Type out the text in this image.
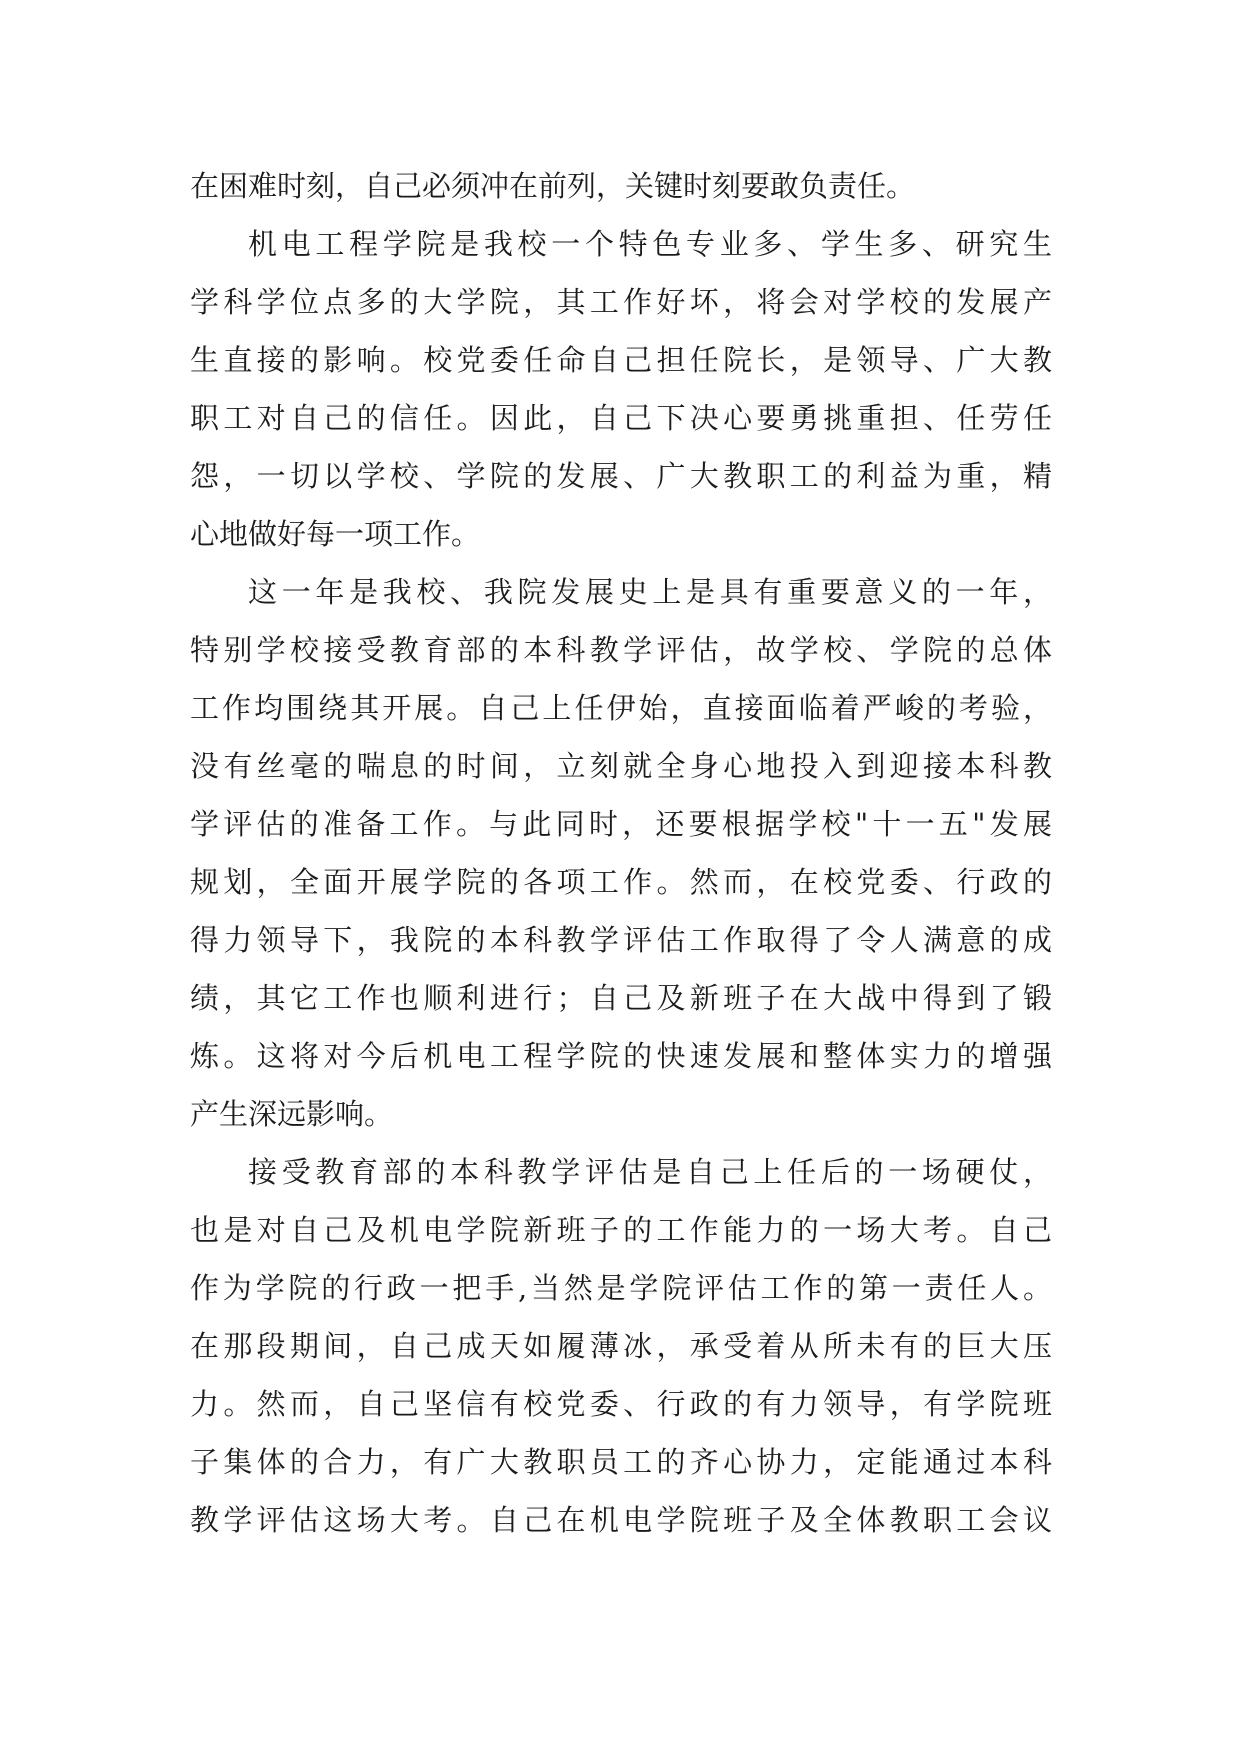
在困难时刻，自己必须冲在前列，关键时刻要敢负责任。

机电工程学院是我校一个特色专业多、学生多、研究生

学科学位点多的大学院，其工作好坏，将会对学校的发展产

生直接的影响。校党委任命自己担任院长，是领导、广大教

职工对自己的信任。因此，自己下决心要勇挑重担、任劳任

怨，一切以学校、学院的发展、广大教职工的利益为重，精

心地做好每一项工作。

这一年是我校、我院发展史上是具有重要意义的一年，

特别学校接受教育部的本科教学评估，故学校、学院的总体

工作均围绕其开展。自己上任伊始，直接面临着严峻的考验，

没有丝毫的喘息的时间，立刻就全身心地投入到迎接本科教

学评估的准备工作。与此同时，还要根据学校"十一五"发展

规划，全面开展学院的各项工作。然而，在校党委、行政的

得力领导下，我院的本科教学评估工作取得了令人满意的成

绩，其它工作也顺利进行；自己及新班子在大战中得到了锻

炼。这将对今后机电工程学院的快速发展和整体实力的增强

产生深远影响。

接受教育部的本科教学评估是自己上任后的一场硬仗，

也是对自己及机电学院新班子的工作能力的一场大考。自己

作为学院的行政一把手,当然是学院评估工作的第一责任人。

在那段期间，自己成天如履薄冰，承受着从所未有的巨大压

力。然而，自己坚信有校党委、行政的有力领导，有学院班

子集体的合力，有广大教职员工的齐心协力，定能通过本科

教学评估这场大考。自己在机电学院班子及全体教职工会议
